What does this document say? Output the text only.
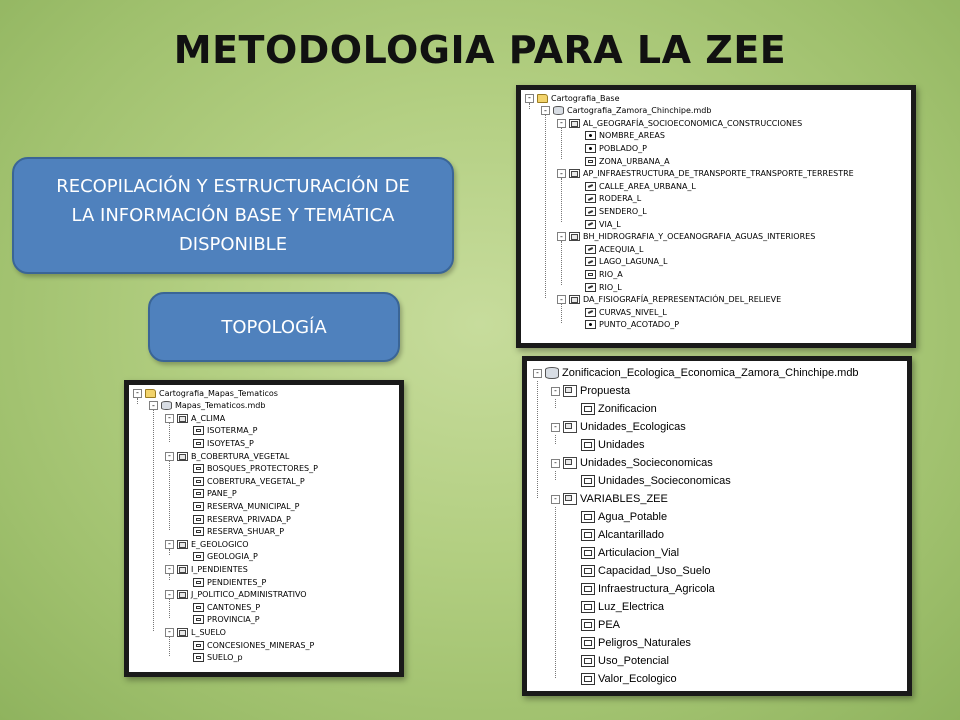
METODOLOGIA PARA LA ZEE
RECOPILACIÓN Y ESTRUCTURACIÓN DE
LA INFORMACIÓN BASE Y TEMÁTICA
DISPONIBLE
TOPOLOGÍA
-	Cartografia_Base
-	Cartografia_Zamora_Chinchipe.mdb
-	AL_GEOGRAFÍA_SOCIOECONOMICA_CONSTRUCCIONES
NOMBRE_AREAS
POBLADO_P
ZONA_URBANA_A
-	AP_INFRAESTRUCTURA_DE_TRANSPORTE_TRANSPORTE_TERRESTRE
CALLE_AREA_URBANA_L
RODERA_L
SENDERO_L
VIA_L
-	BH_HIDROGRAFIA_Y_OCEANOGRAFIA_AGUAS_INTERIORES
ACEQUIA_L
LAGO_LAGUNA_L
RIO_A
RIO_L
-	DA_FISIOGRAFÍA_REPRESENTACIÓN_DEL_RELIEVE
CURVAS_NIVEL_L
PUNTO_ACOTADO_P
-	Cartografia_Mapas_Tematicos
-	Mapas_Tematicos.mdb
-	A_CLIMA
ISOTERMA_P
ISOYETAS_P
-	B_COBERTURA_VEGETAL
BOSQUES_PROTECTORES_P
COBERTURA_VEGETAL_P
PANE_P
RESERVA_MUNICIPAL_P
RESERVA_PRIVADA_P
RESERVA_SHUAR_P
-	E_GEOLOGICO
GEOLOGIA_P
-	I_PENDIENTES
PENDIENTES_P
-	J_POLITICO_ADMINISTRATIVO
CANTONES_P
PROVINCIA_P
-	L_SUELO
CONCESIONES_MINERAS_P
SUELO_p
- Zonificacion_Ecologica_Economica_Zamora_Chinchipe.mdb
- Propuesta
Zonificacion
- Unidades_Ecologicas
Unidades
- Unidades_Socieconomicas
Unidades_Socieconomicas
- VARIABLES_ZEE
Agua_Potable
Alcantarillado
Articulacion_Vial
Capacidad_Uso_Suelo
Infraestructura_Agricola
Luz_Electrica
PEA
Peligros_Naturales
Uso_Potencial
Valor_Ecologico
